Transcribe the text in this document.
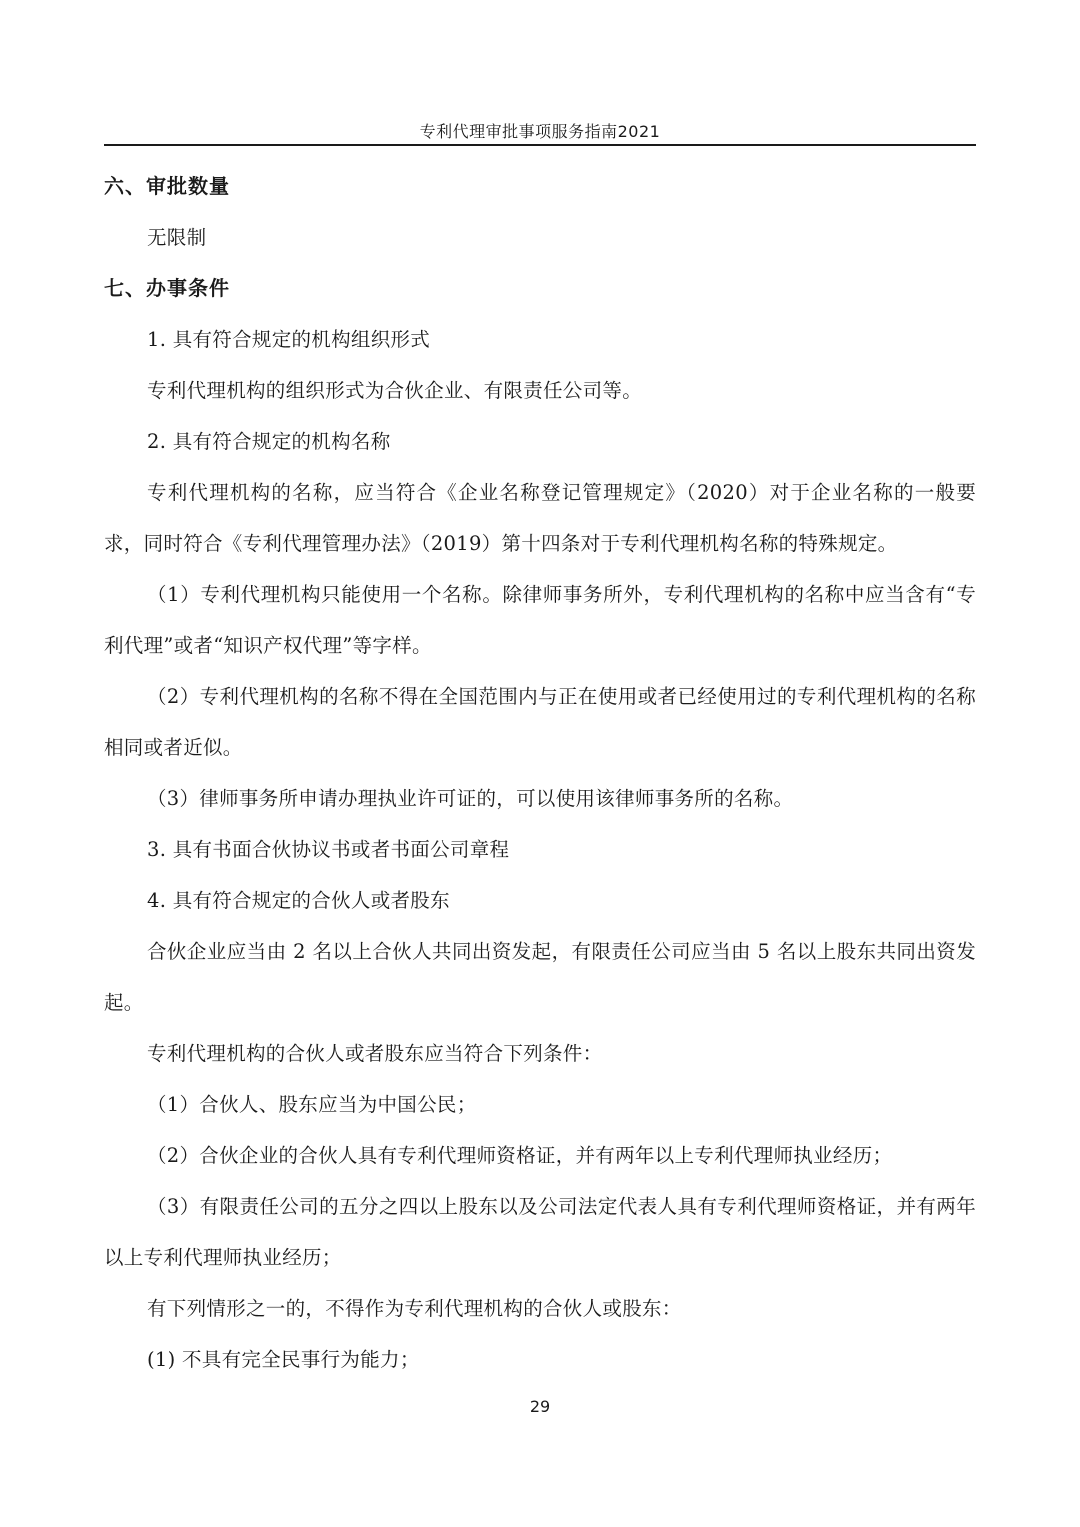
专利代理审批事项服务指南2021

六、审批数量

无限制

七、办事条件

1. 具有符合规定的机构组织形式

专利代理机构的组织形式为合伙企业、有限责任公司等。

2. 具有符合规定的机构名称

专利代理机构的名称，应当符合《企业名称登记管理规定》（2020）对于企业名称的一般要求，同时符合《专利代理管理办法》（2019）第十四条对于专利代理机构名称的特殊规定。

（1）专利代理机构只能使用一个名称。除律师事务所外，专利代理机构的名称中应当含有“专利代理”或者“知识产权代理”等字样。

（2）专利代理机构的名称不得在全国范围内与正在使用或者已经使用过的专利代理机构的名称相同或者近似。

（3）律师事务所申请办理执业许可证的，可以使用该律师事务所的名称。

3. 具有书面合伙协议书或者书面公司章程

4. 具有符合规定的合伙人或者股东

合伙企业应当由 2 名以上合伙人共同出资发起，有限责任公司应当由 5 名以上股东共同出资发起。

专利代理机构的合伙人或者股东应当符合下列条件：

（1）合伙人、股东应当为中国公民；

（2）合伙企业的合伙人具有专利代理师资格证，并有两年以上专利代理师执业经历；

（3）有限责任公司的五分之四以上股东以及公司法定代表人具有专利代理师资格证，并有两年以上专利代理师执业经历；

有下列情形之一的，不得作为专利代理机构的合伙人或股东：

(1) 不具有完全民事行为能力；

29
